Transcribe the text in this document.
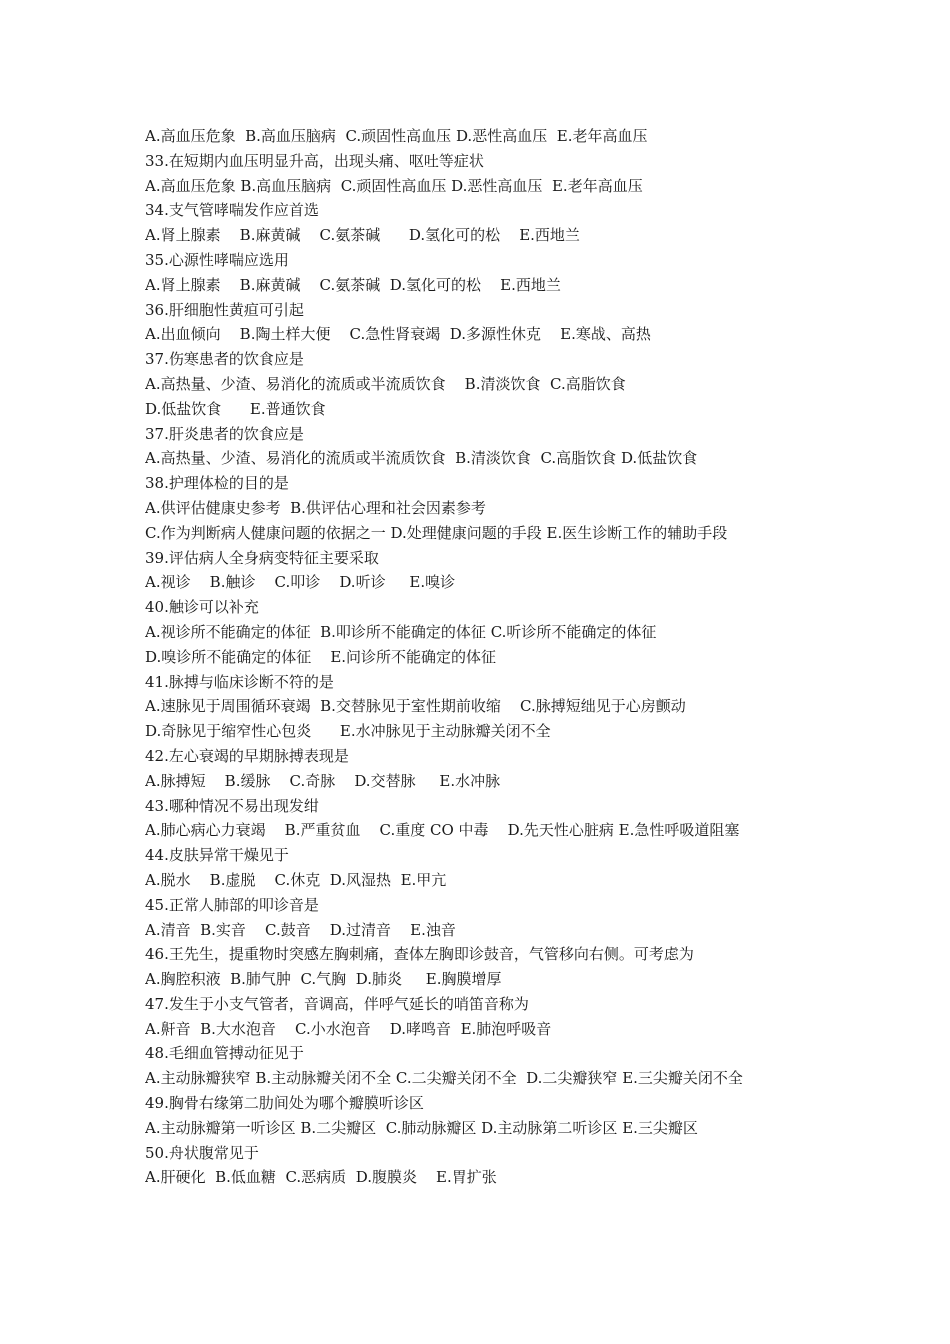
A.高血压危象  B.高血压脑病  C.顽固性高血压 D.恶性高血压  E.老年高血压
33.在短期内血压明显升高，出现头痛、呕吐等症状
A.高血压危象 B.高血压脑病  C.顽固性高血压 D.恶性高血压  E.老年高血压
34.支气管哮喘发作应首选
A.肾上腺素    B.麻黄碱    C.氨茶碱      D.氢化可的松    E.西地兰
35.心源性哮喘应选用
A.肾上腺素    B.麻黄碱    C.氨茶碱  D.氢化可的松    E.西地兰
36.肝细胞性黄疸可引起
A.出血倾向    B.陶土样大便    C.急性肾衰竭  D.多源性休克    E.寒战、高热
37.伤寒患者的饮食应是
A.高热量、少渣、易消化的流质或半流质饮食    B.清淡饮食  C.高脂饮食
D.低盐饮食      E.普通饮食
37.肝炎患者的饮食应是
A.高热量、少渣、易消化的流质或半流质饮食  B.清淡饮食  C.高脂饮食 D.低盐饮食
38.护理体检的目的是
A.供评估健康史参考  B.供评估心理和社会因素参考
C.作为判断病人健康问题的依据之一 D.处理健康问题的手段 E.医生诊断工作的辅助手段
39.评估病人全身病变特征主要采取
A.视诊    B.触诊    C.叩诊    D.听诊     E.嗅诊
40.触诊可以补充
A.视诊所不能确定的体征  B.叩诊所不能确定的体征 C.听诊所不能确定的体征
D.嗅诊所不能确定的体征    E.问诊所不能确定的体征
41.脉搏与临床诊断不符的是
A.速脉见于周围循环衰竭  B.交替脉见于室性期前收缩    C.脉搏短绌见于心房颤动
D.奇脉见于缩窄性心包炎      E.水冲脉见于主动脉瓣关闭不全
42.左心衰竭的早期脉搏表现是
A.脉搏短    B.缓脉    C.奇脉    D.交替脉     E.水冲脉
43.哪种情况不易出现发绀
A.肺心病心力衰竭    B.严重贫血    C.重度 CO 中毒    D.先天性心脏病 E.急性呼吸道阻塞
44.皮肤异常干燥见于
A.脱水    B.虚脱    C.休克  D.风湿热  E.甲亢
45.正常人肺部的叩诊音是
A.清音  B.实音    C.鼓音    D.过清音    E.浊音
46.王先生，提重物时突感左胸刺痛，查体左胸即诊鼓音，气管移向右侧。可考虑为
A.胸腔积液  B.肺气肿  C.气胸  D.肺炎     E.胸膜增厚
47.发生于小支气管者，音调高，伴呼气延长的哨笛音称为
A.鼾音  B.大水泡音    C.小水泡音    D.哮鸣音  E.肺泡呼吸音
48.毛细血管搏动征见于
A.主动脉瓣狭窄 B.主动脉瓣关闭不全 C.二尖瓣关闭不全  D.二尖瓣狭窄 E.三尖瓣关闭不全
49.胸骨右缘第二肋间处为哪个瓣膜听诊区
A.主动脉瓣第一听诊区 B.二尖瓣区  C.肺动脉瓣区 D.主动脉第二听诊区 E.三尖瓣区
50.舟状腹常见于
A.肝硬化  B.低血糖  C.恶病质  D.腹膜炎    E.胃扩张
